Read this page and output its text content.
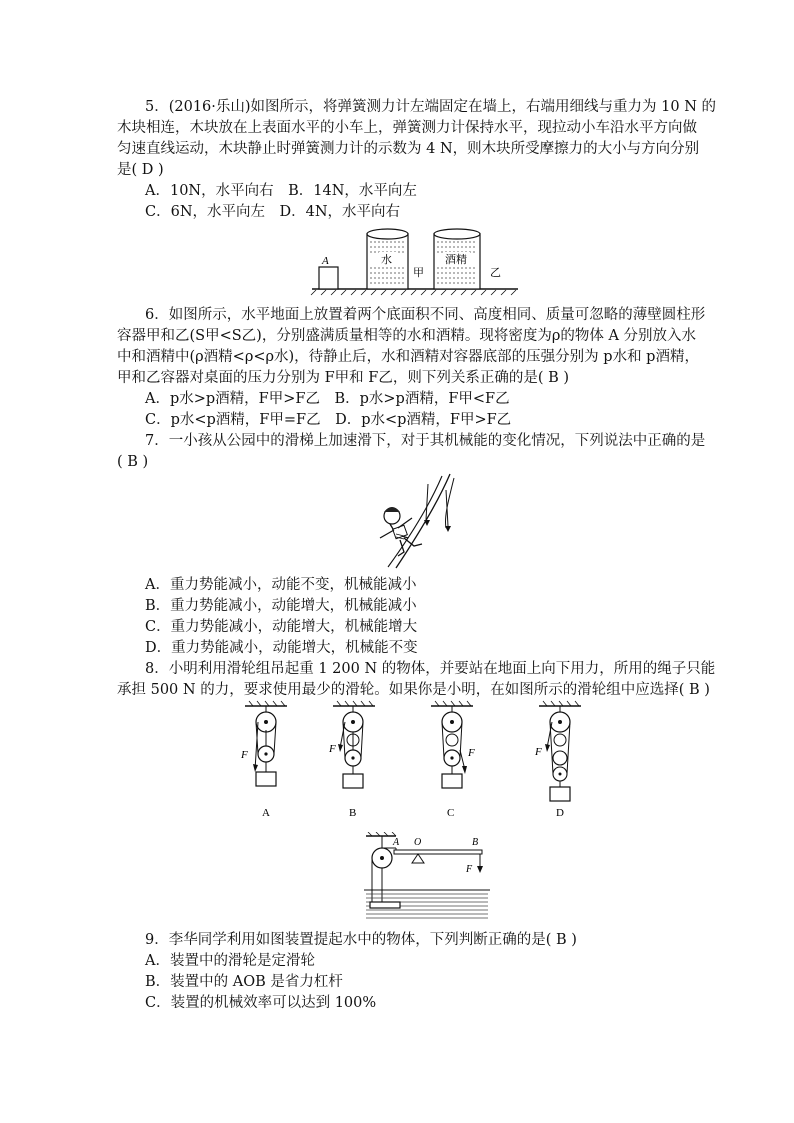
5．(2016·乐山)如图所示，将弹簧测力计左端固定在墙上，右端用细线与重力为 10 N 的
木块相连，木块放在上表面水平的小车上，弹簧测力计保持水平，现拉动小车沿水平方向做
匀速直线运动，木块静止时弹簧测力计的示数为 4 N，则木块所受摩擦力的大小与方向分别
是( D )
A．10N，水平向右　B．14N，水平向左
C．6N，水平向左　D．4N，水平向右
A	水
甲
酒精
乙
6．如图所示，水平地面上放置着两个底面积不同、高度相同、质量可忽略的薄壁圆柱形
容器甲和乙(S甲<S乙)，分别盛满质量相等的水和酒精。现将密度为ρ的物体 A 分别放入水
中和酒精中(ρ酒精<ρ<ρ水)，待静止后，水和酒精对容器底部的压强分别为 p水和 p酒精，
甲和乙容器对桌面的压力分别为 F甲和 F乙，则下列关系正确的是( B )
A．p水>p酒精，F甲>F乙　B．p水>p酒精，F甲<F乙
C．p水<p酒精，F甲=F乙　D．p水<p酒精，F甲>F乙
7．一小孩从公园中的滑梯上加速滑下，对于其机械能的变化情况，下列说法中正确的是
( B )
A．重力势能减小，动能不变，机械能减小
B．重力势能减小，动能增大，机械能减小
C．重力势能减小，动能增大，机械能增大
D．重力势能减小，动能增大，机械能不变
8．小明利用滑轮组吊起重 1 200 N 的物体，并要站在地面上向下用力，所用的绳子只能
承担 500 N 的力，要求使用最少的滑轮。如果你是小明，在如图所示的滑轮组中应选择( B )
F
A
F
B
F
C
F
D
A O	B
F
9．李华同学利用如图装置提起水中的物体，下列判断正确的是( B )
A．装置中的滑轮是定滑轮
B．装置中的 AOB 是省力杠杆
C．装置的机械效率可以达到 100%
